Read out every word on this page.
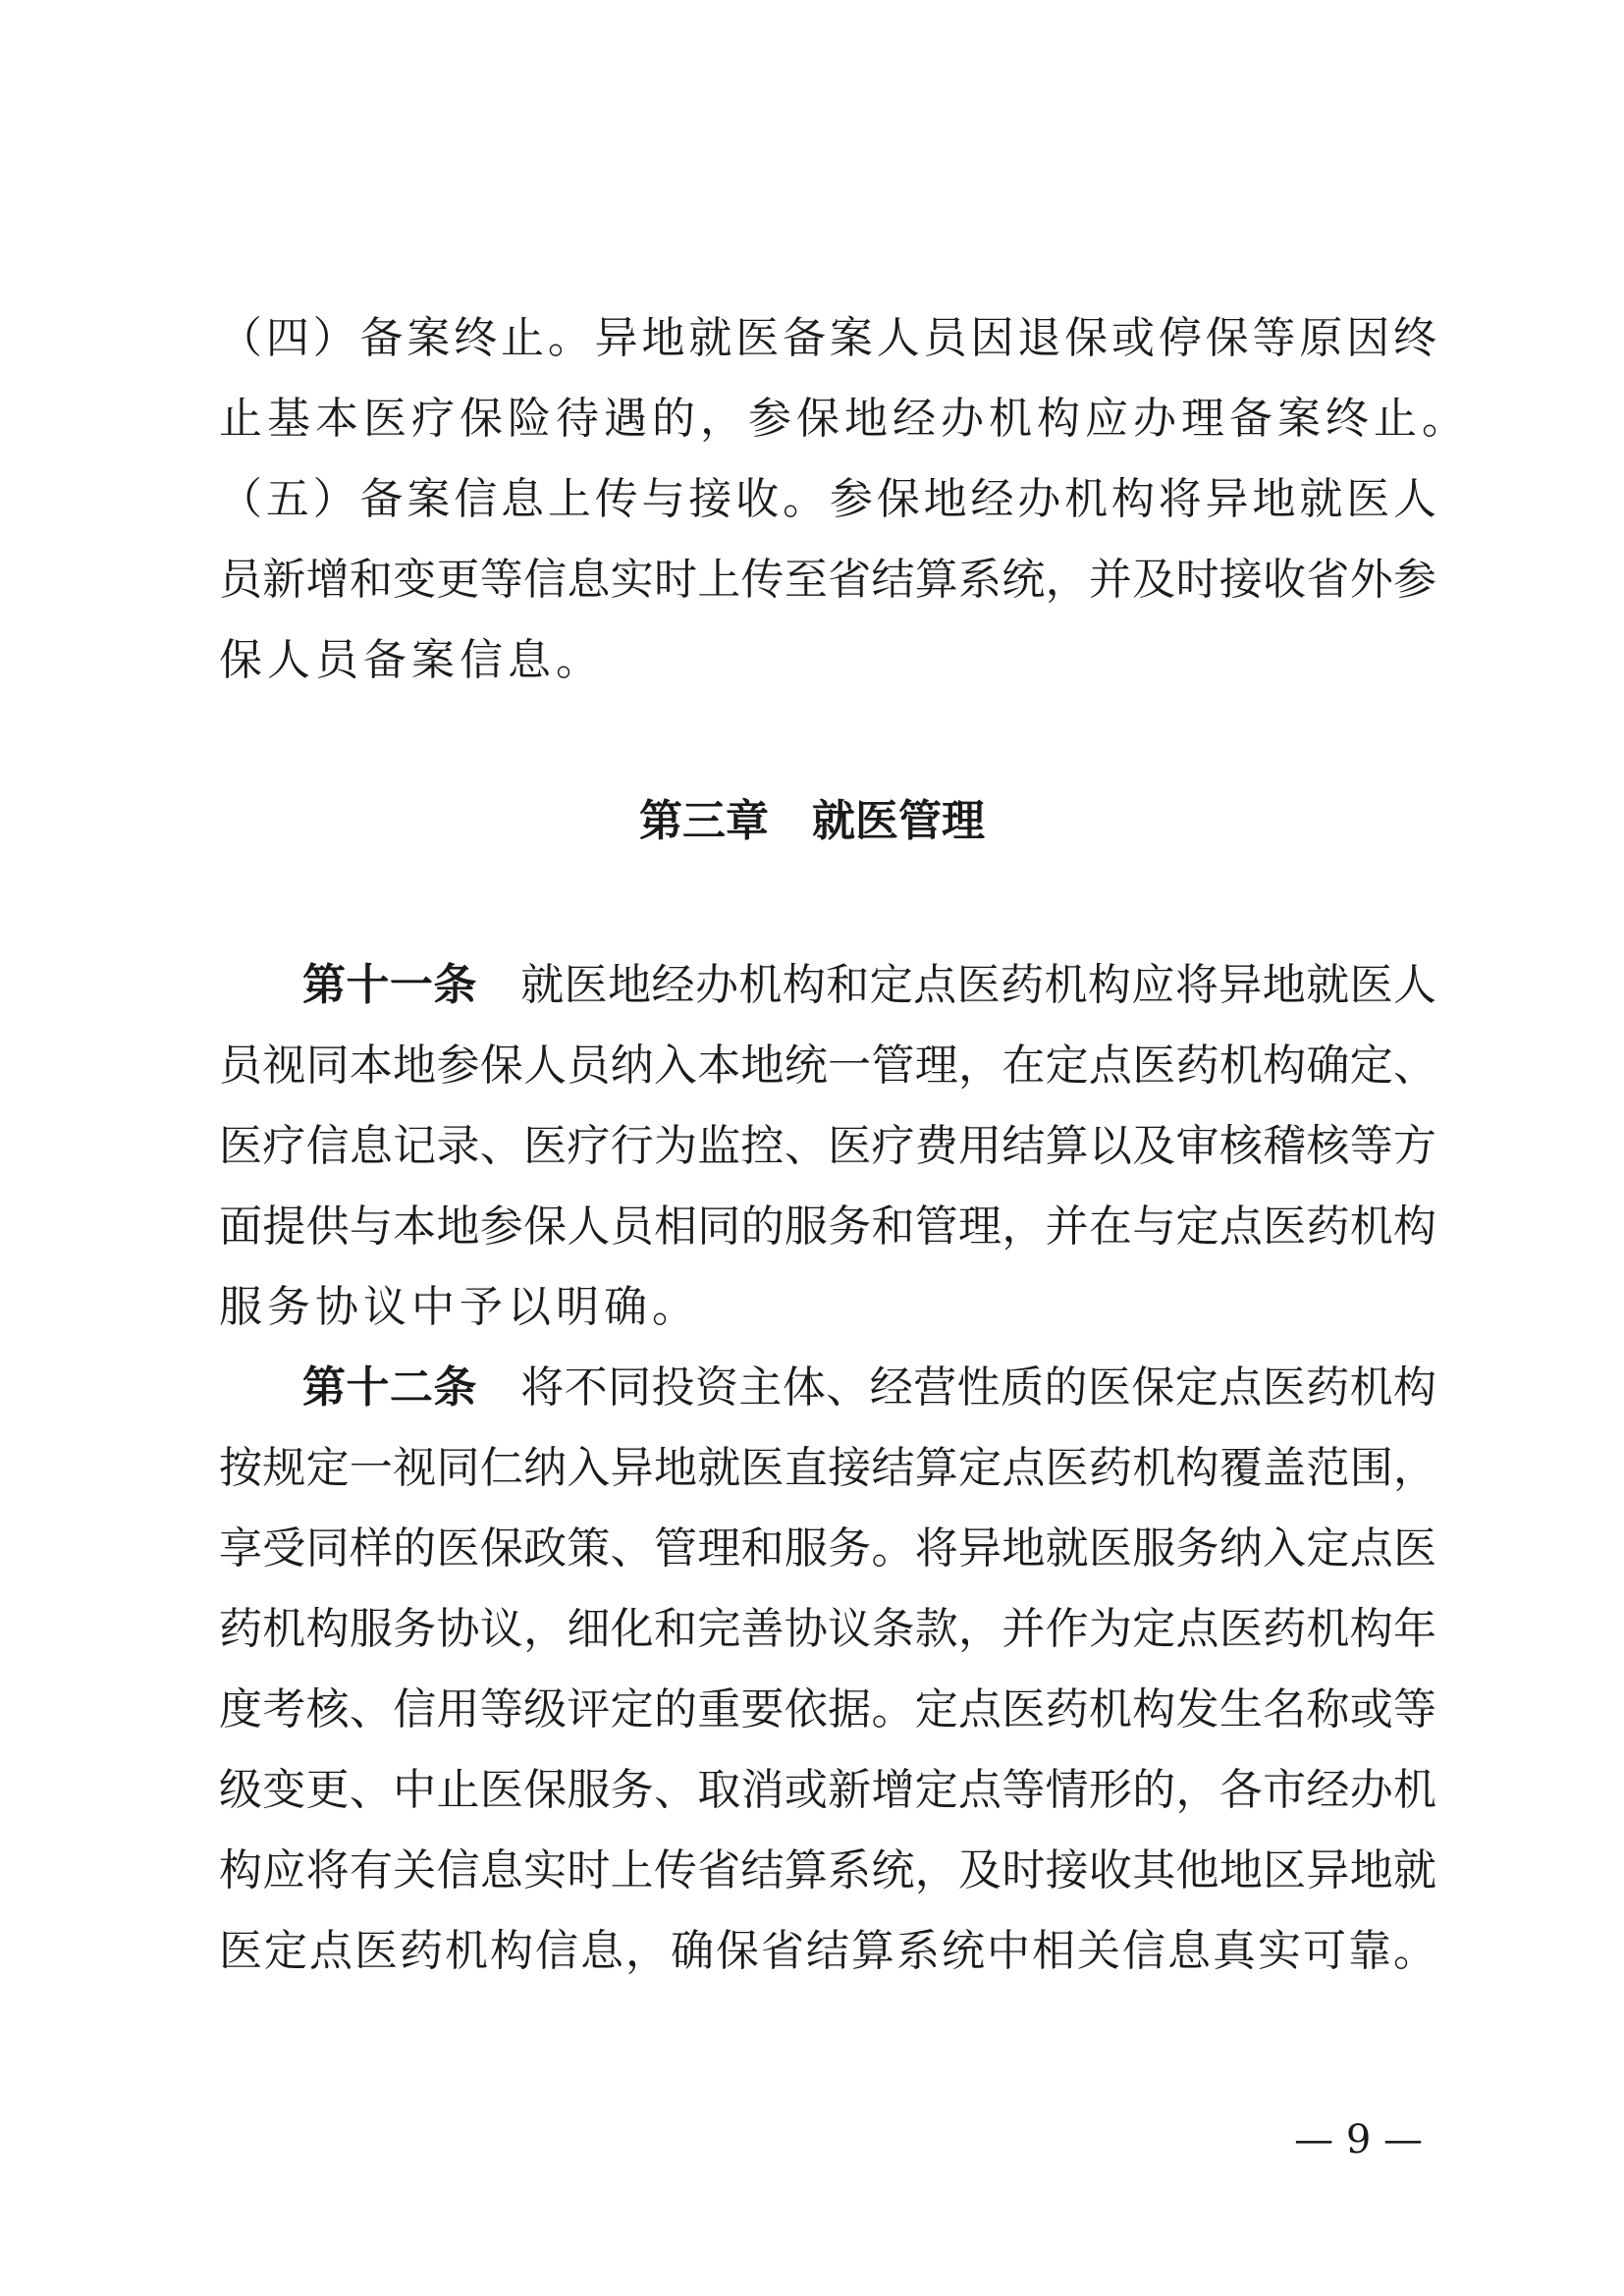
（四）备案终止。异地就医备案人员因退保或停保等原因终

止基本医疗保险待遇的，参保地经办机构应办理备案终止。

（五）备案信息上传与接收。参保地经办机构将异地就医人

员新增和变更等信息实时上传至省结算系统，并及时接收省外参

保人员备案信息。

第三章　就医管理

第十一条　 就医地经办机构和定点医药机构应将异地就医人

员视同本地参保人员纳入本地统一管理，在定点医药机构确定、

医疗信息记录、医疗行为监控、医疗费用结算以及审核稽核等方

面提供与本地参保人员相同的服务和管理，并在与定点医药机构

服务协议中予以明确。

第十二条　 将不同投资主体、经营性质的医保定点医药机构

按规定一视同仁纳入异地就医直接结算定点医药机构覆盖范围，

享受同样的医保政策、管理和服务。将异地就医服务纳入定点医

药机构服务协议，细化和完善协议条款，并作为定点医药机构年

度考核、信用等级评定的重要依据。定点医药机构发生名称或等

级变更、中止医保服务、取消或新增定点等情形的，各市经办机

构应将有关信息实时上传省结算系统，及时接收其他地区异地就

医定点医药机构信息，确保省结算系统中相关信息真实可靠。

— 9 —
